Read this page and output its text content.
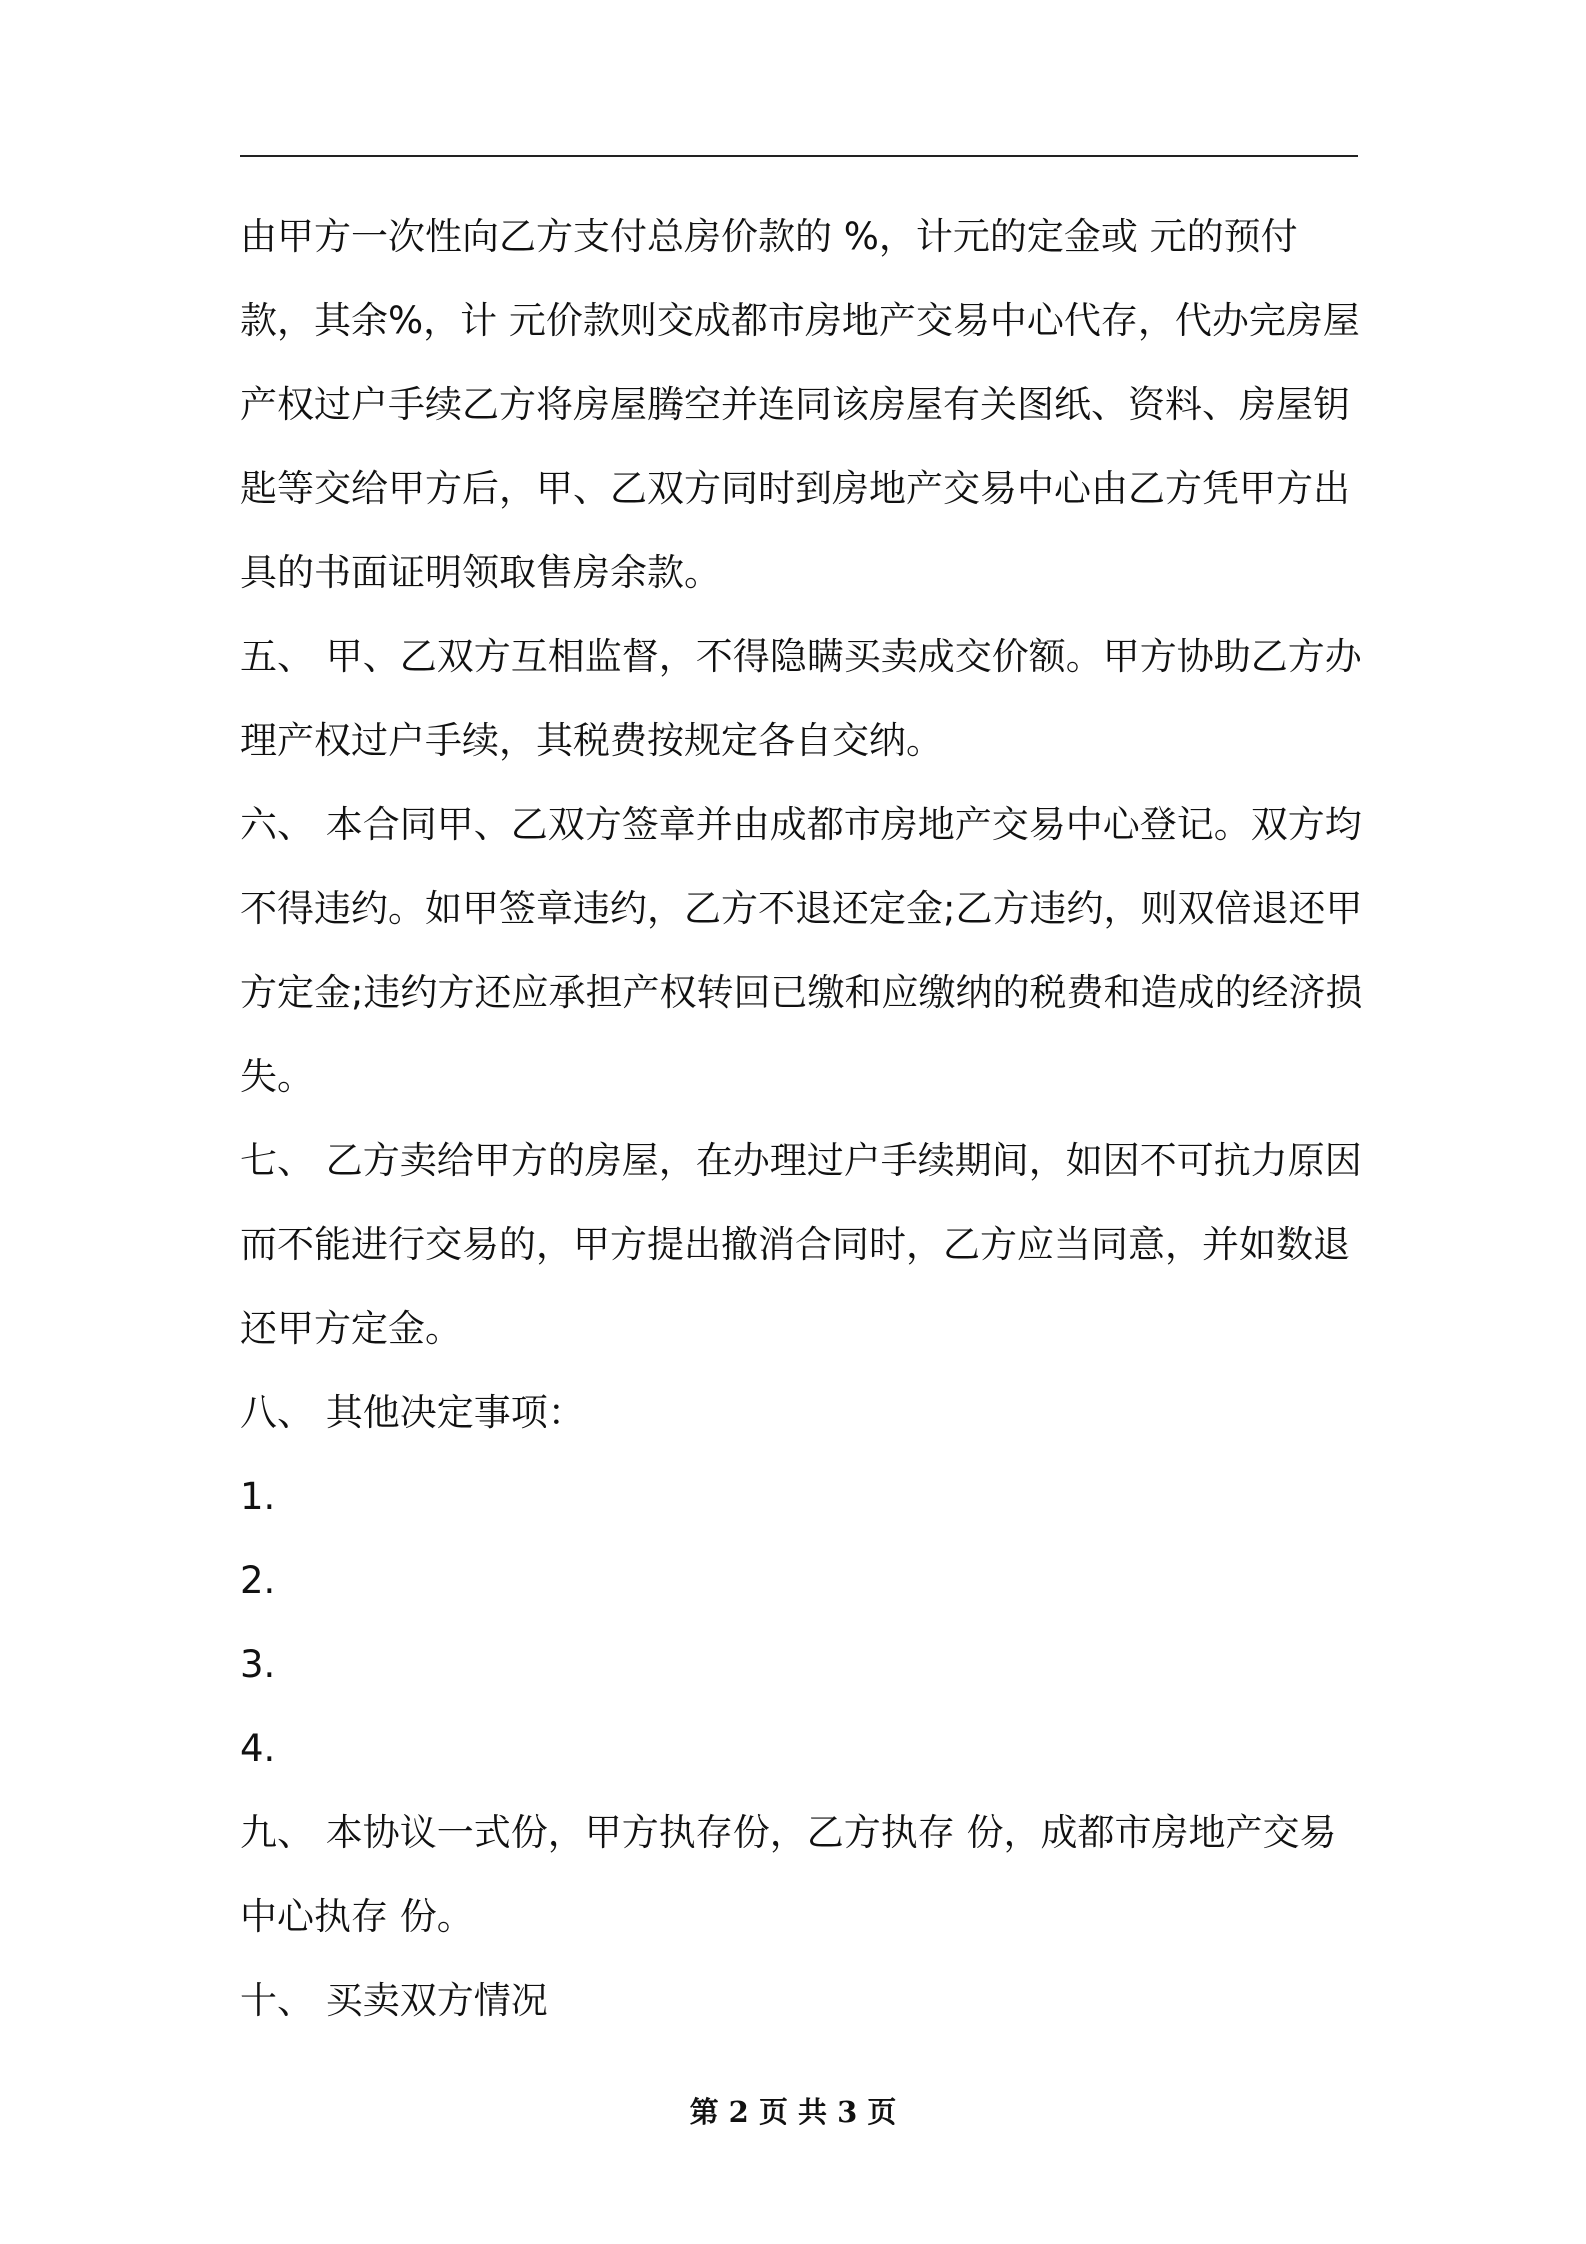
由甲方一次性向乙方支付总房价款的 %，计元的定金或 元的预付款，其余%，计 元价款则交成都市房地产交易中心代存，代办完房屋产权过户手续乙方将房屋腾空并连同该房屋有关图纸、资料、房屋钥匙等交给甲方后，甲、乙双方同时到房地产交易中心由乙方凭甲方出具的书面证明领取售房余款。

五、 甲、乙双方互相监督，不得隐瞒买卖成交价额。甲方协助乙方办理产权过户手续，其税费按规定各自交纳。

六、 本合同甲、乙双方签章并由成都市房地产交易中心登记。双方均不得违约。如甲签章违约，乙方不退还定金;乙方违约，则双倍退还甲方定金;违约方还应承担产权转回已缴和应缴纳的税费和造成的经济损失。

七、 乙方卖给甲方的房屋，在办理过户手续期间，如因不可抗力原因而不能进行交易的，甲方提出撤消合同时，乙方应当同意，并如数退还甲方定金。

八、 其他决定事项：

1.

2.

3.

4.

九、 本协议一式份，甲方执存份，乙方执存 份，成都市房地产交易中心执存 份。

十、 买卖双方情况

第 2 页 共 3 页
